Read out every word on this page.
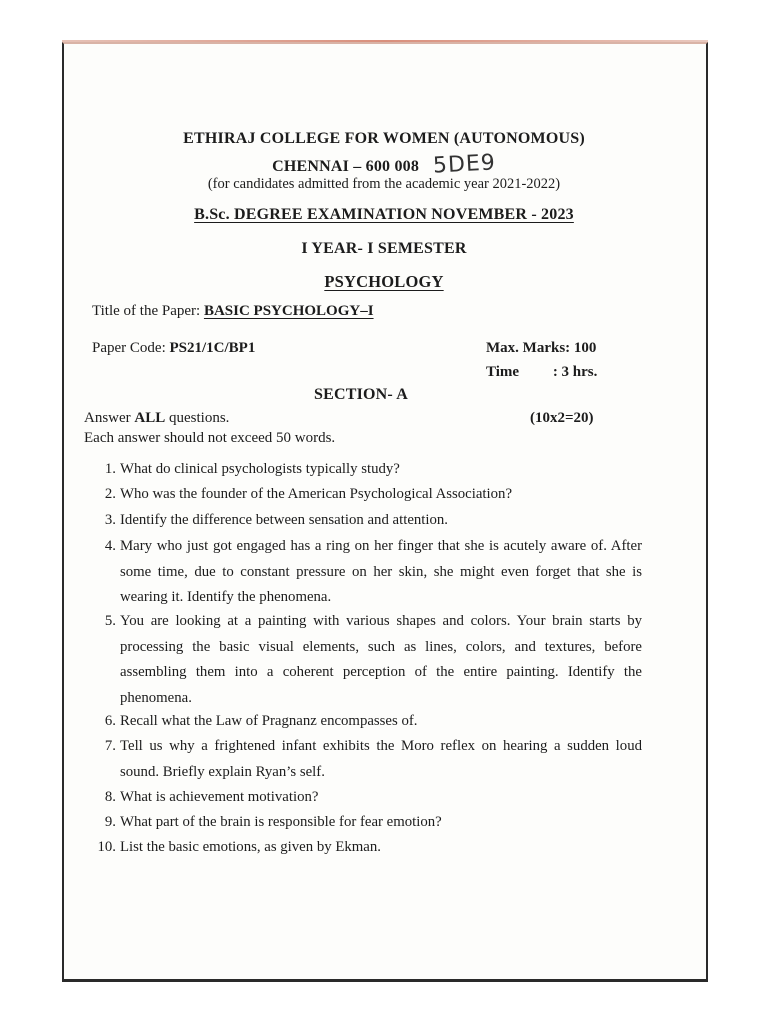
ETHIRAJ COLLEGE FOR WOMEN (AUTONOMOUS)
CHENNAI – 600 008 5DE9
(for candidates admitted from the academic year 2021-2022)
B.Sc. DEGREE EXAMINATION NOVEMBER - 2023
I YEAR- I SEMESTER
PSYCHOLOGY
Title of the Paper: BASIC PSYCHOLOGY–I
Paper Code: PS21/1C/BP1	Max. Marks: 100
Time : 3 hrs.
SECTION- A
Answer ALL questions.	(10x2=20)
Each answer should not exceed 50 words.
1. What do clinical psychologists typically study?
2. Who was the founder of the American Psychological Association?
3. Identify the difference between sensation and attention.
4. Mary who just got engaged has a ring on her finger that she is acutely aware of. After some time, due to constant pressure on her skin, she might even forget that she is wearing it. Identify the phenomena.
5. You are looking at a painting with various shapes and colors. Your brain starts by processing the basic visual elements, such as lines, colors, and textures, before assembling them into a coherent perception of the entire painting. Identify the phenomena.
6. Recall what the Law of Pragnanz encompasses of.
7. Tell us why a frightened infant exhibits the Moro reflex on hearing a sudden loud sound. Briefly explain Ryan’s self.
8. What is achievement motivation?
9. What part of the brain is responsible for fear emotion?
10. List the basic emotions, as given by Ekman.
